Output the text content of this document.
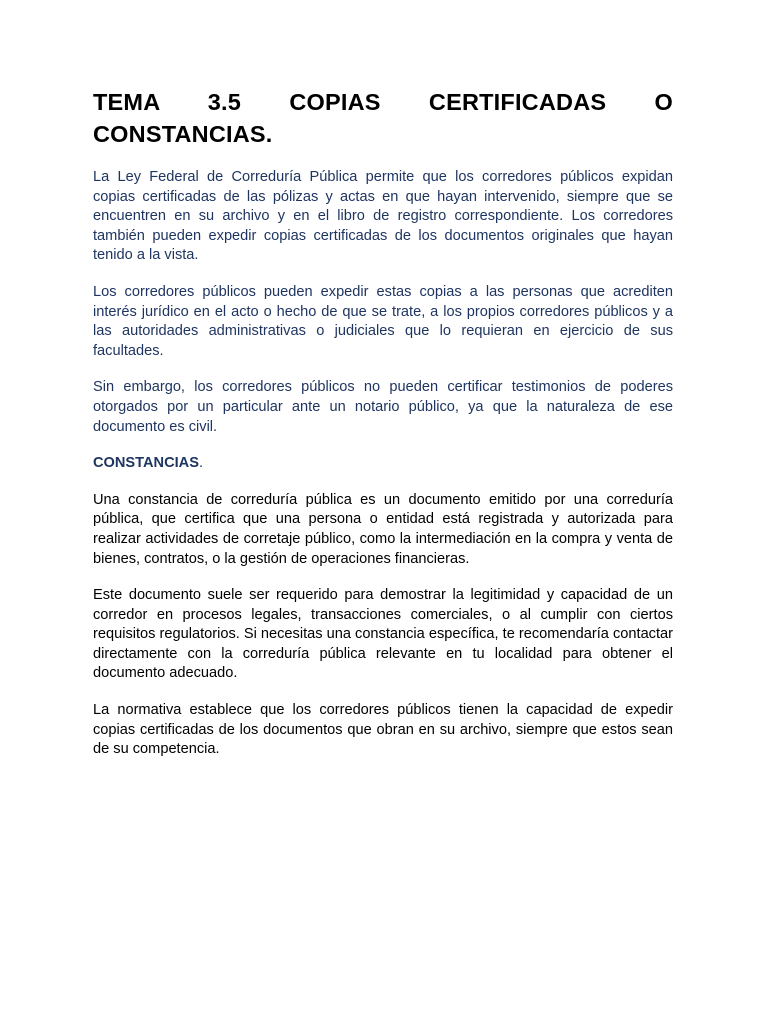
TEMA 3.5 COPIAS CERTIFICADAS O CONSTANCIAS.

La Ley Federal de Correduría Pública permite que los corredores públicos expidan copias certificadas de las pólizas y actas en que hayan intervenido, siempre que se encuentren en su archivo y en el libro de registro correspondiente. Los corredores también pueden expedir copias certificadas de los documentos originales que hayan tenido a la vista.

Los corredores públicos pueden expedir estas copias a las personas que acrediten interés jurídico en el acto o hecho de que se trate, a los propios corredores públicos y a las autoridades administrativas o judiciales que lo requieran en ejercicio de sus facultades.

Sin embargo, los corredores públicos no pueden certificar testimonios de poderes otorgados por un particular ante un notario público, ya que la naturaleza de ese documento es civil.

CONSTANCIAS.

Una constancia de correduría pública es un documento emitido por una correduría pública, que certifica que una persona o entidad está registrada y autorizada para realizar actividades de corretaje público, como la intermediación en la compra y venta de bienes, contratos, o la gestión de operaciones financieras.

Este documento suele ser requerido para demostrar la legitimidad y capacidad de un corredor en procesos legales, transacciones comerciales, o al cumplir con ciertos requisitos regulatorios. Si necesitas una constancia específica, te recomendaría contactar directamente con la correduría pública relevante en tu localidad para obtener el documento adecuado.

La normativa establece que los corredores públicos tienen la capacidad de expedir copias certificadas de los documentos que obran en su archivo, siempre que estos sean de su competencia.
